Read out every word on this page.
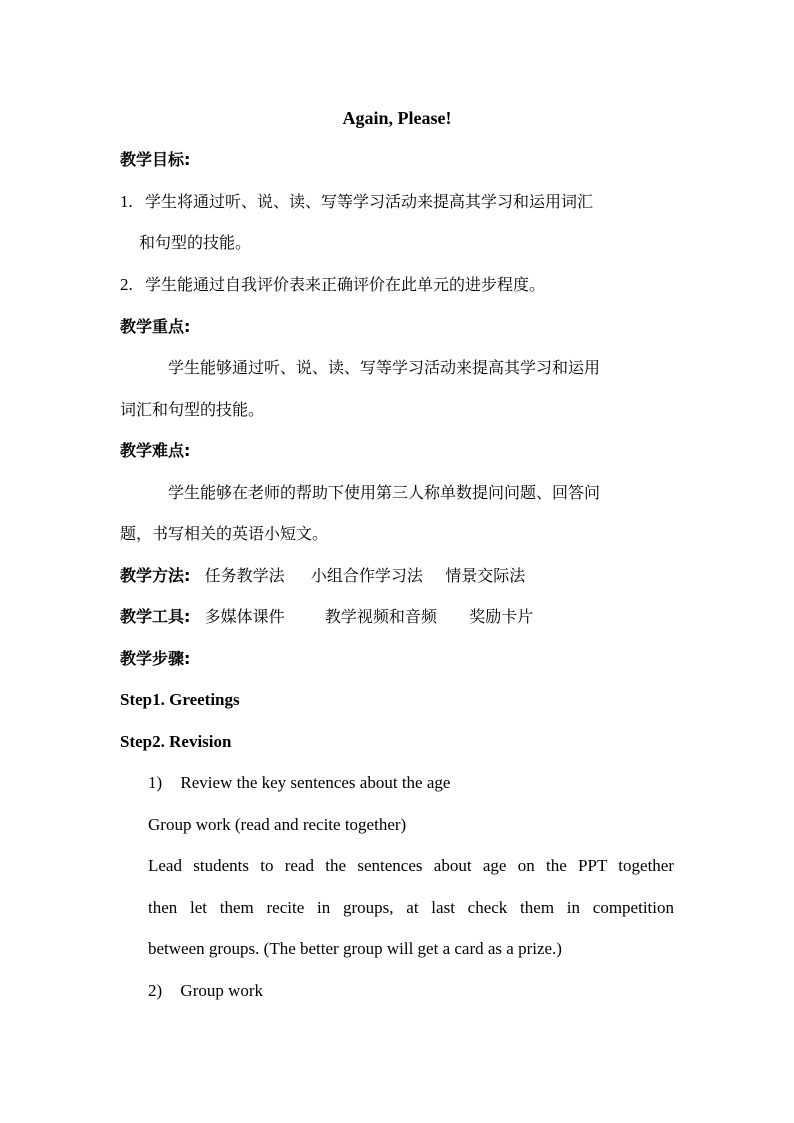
Again, Please!
教学目标:
1. 学生将通过听、说、读、写等学习活动来提高其学习和运用词汇
和句型的技能。
2. 学生能通过自我评价表来正确评价在此单元的进步程度。
教学重点:
学生能够通过听、说、读、写等学习活动来提高其学习和运用
词汇和句型的技能。
教学难点:
学生能够在老师的帮助下使用第三人称单数提问问题、回答问
题，书写相关的英语小短文。
教学方法: 任务教学法 小组合作学习法 情景交际法
教学工具: 多媒体课件	教学视频和音频 奖励卡片
教学步骤:
Step1. Greetings
Step2. Revision
1) Review the key sentences about the age
Group work (read and recite together)
Lead students to read the sentences about age on the PPT together
then let them recite in groups, at last check them in competition
between groups. (The better group will get a card as a prize.)
2) Group work
